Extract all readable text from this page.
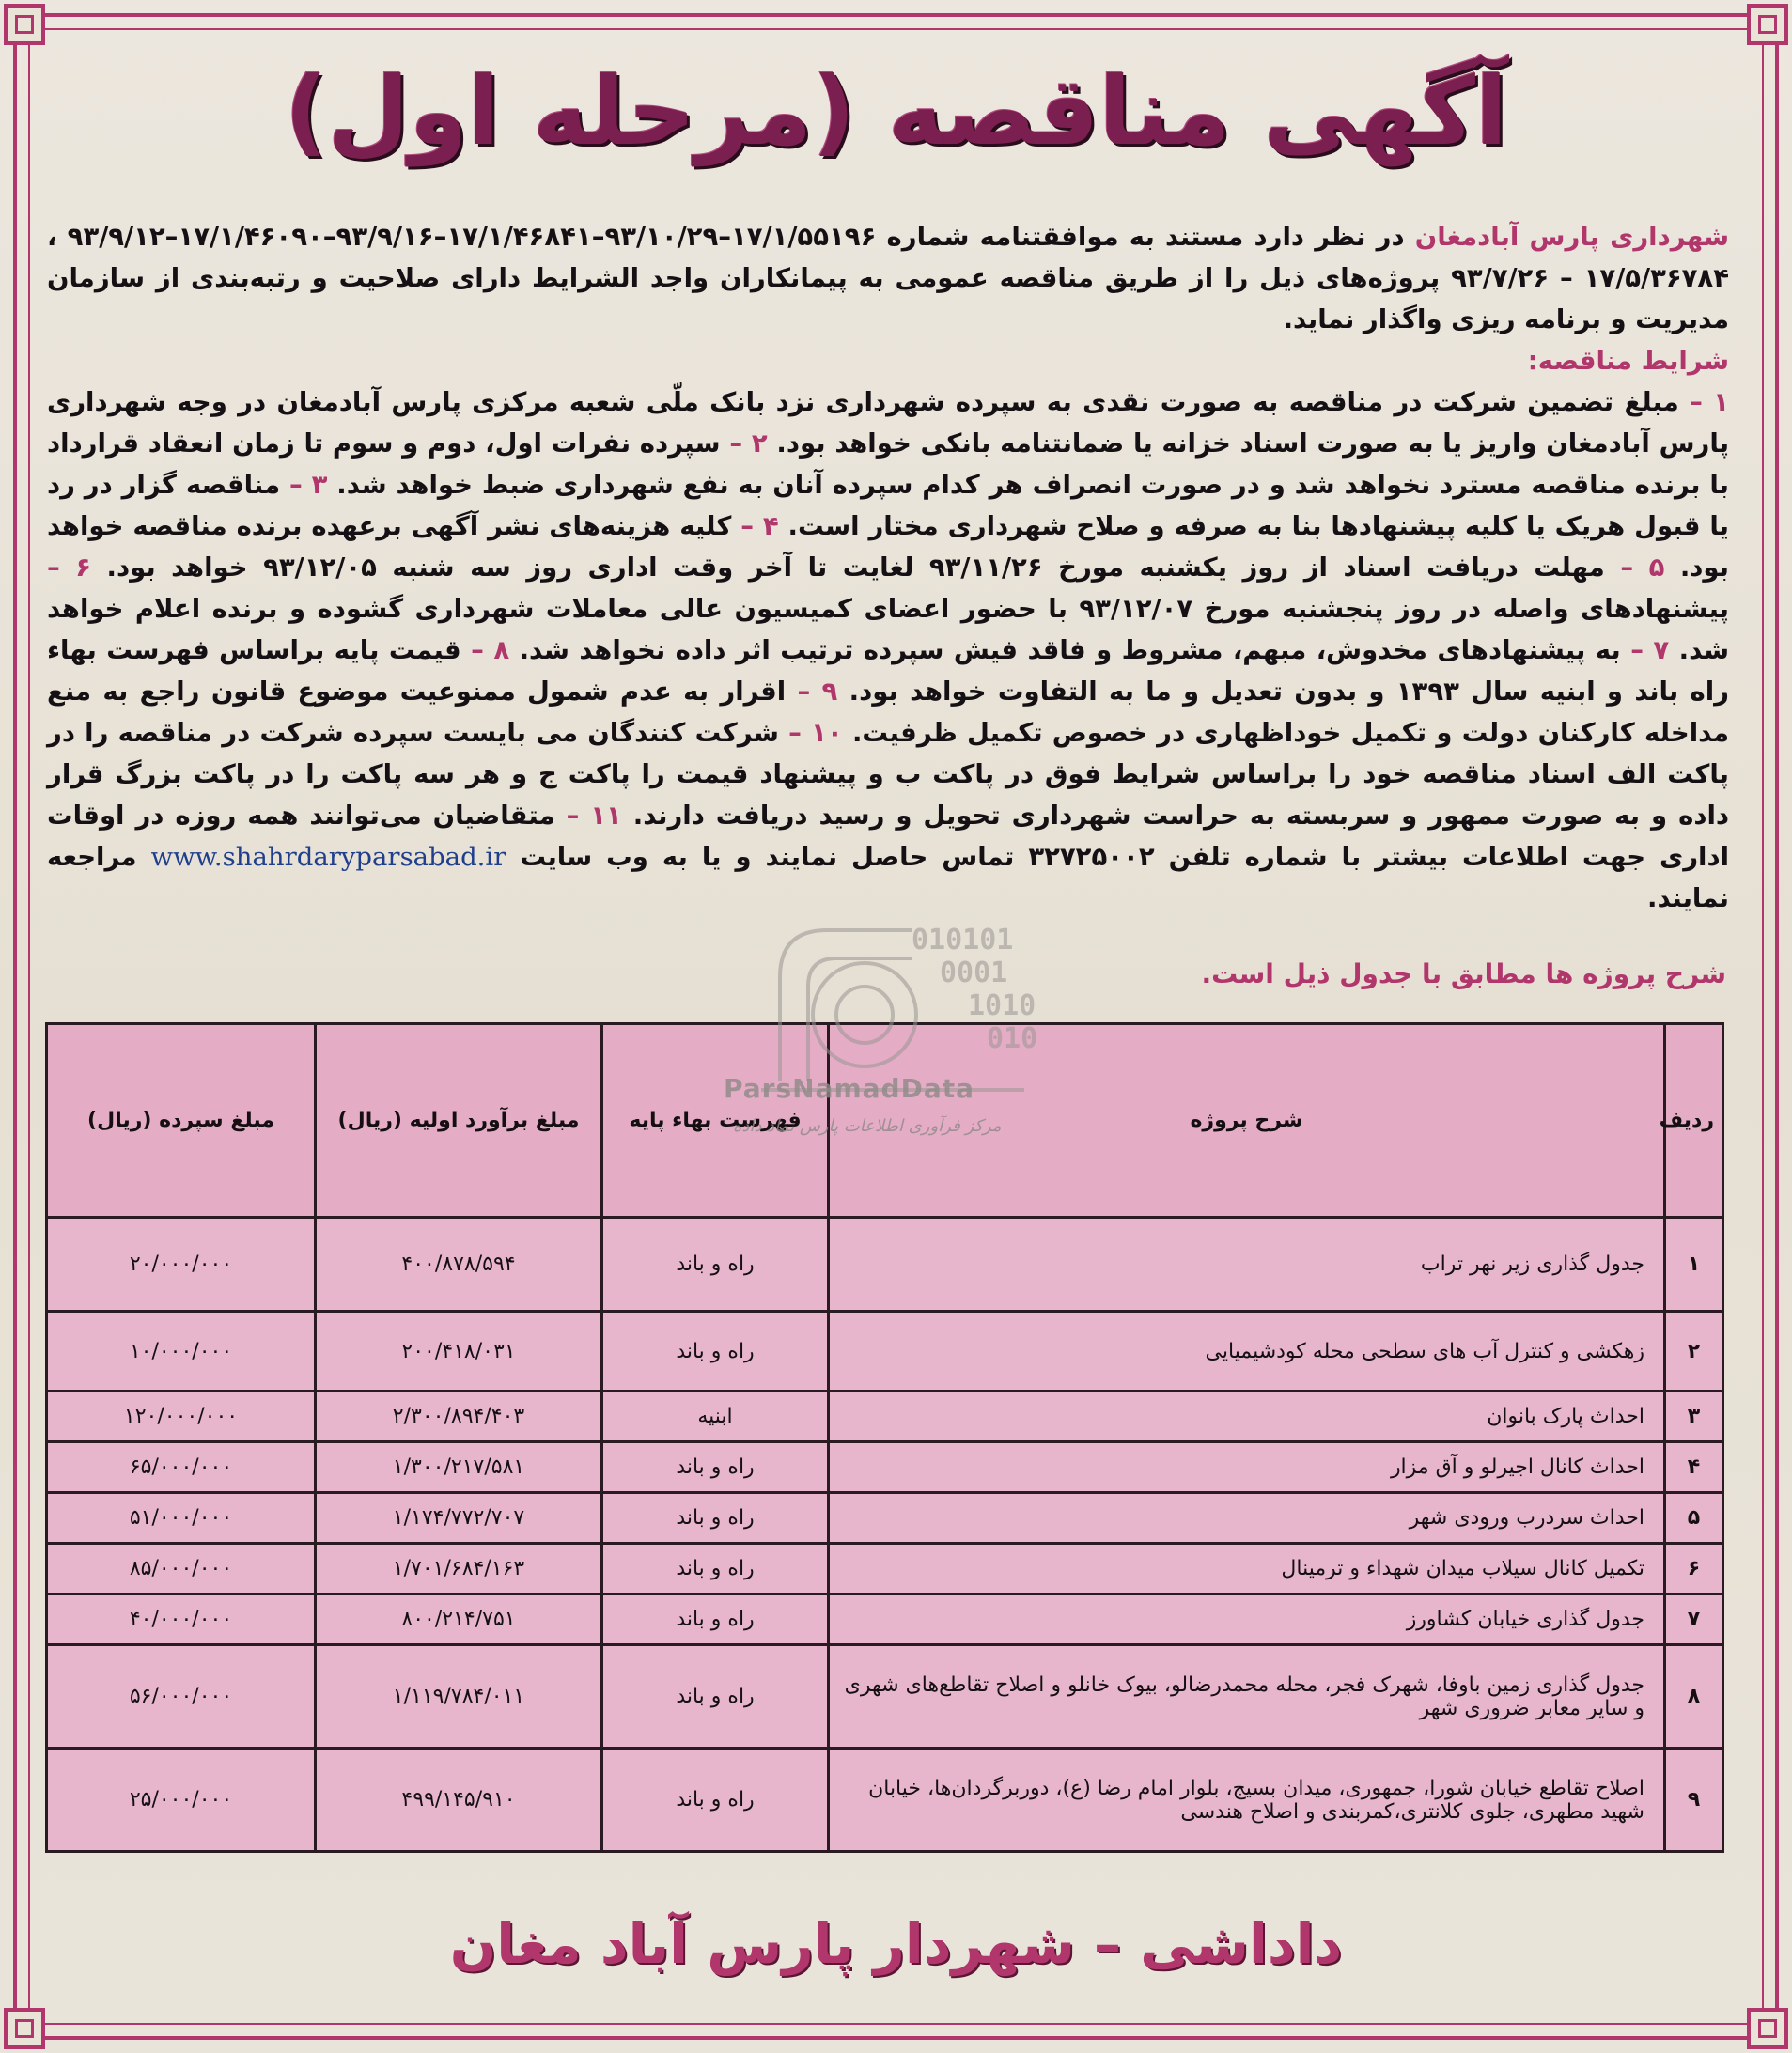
آگهی مناقصه (مرحله اول)

شهرداری پارس آبادمغان در نظر دارد مستند به موافقتنامه شماره ۱۷/۱/۵۵۱۹۶–۹۳/۱۰/۲۹–۱۷/۱/۴۶۸۴۱–۹۳/۹/۱۶–۱۷/۱/۴۶۰۹۰–۹۳/۹/۱۲ ، ۱۷/۵/۳۶۷۸۴ – ۹۳/۷/۲۶ پروژه‌های ذیل را از طریق مناقصه عمومی به پیمانکاران واجد الشرایط دارای صلاحیت و رتبه‌بندی از سازمان مدیریت و برنامه ریزی واگذار نماید.

شرایط مناقصه:

۱ – مبلغ تضمین شرکت در مناقصه به صورت نقدی به سپرده شهرداری نزد بانک ملّی شعبه مرکزی پارس آبادمغان در وجه شهرداری پارس آبادمغان واریز یا به صورت اسناد خزانه یا ضمانتنامه بانکی خواهد بود. ۲ – سپرده نفرات اول، دوم و سوم تا زمان انعقاد قرارداد با برنده مناقصه مسترد نخواهد شد و در صورت انصراف هر کدام سپرده آنان به نفع شهرداری ضبط خواهد شد. ۳ – مناقصه گزار در رد یا قبول هریک یا کلیه پیشنهادها بنا به صرفه و صلاح شهرداری مختار است. ۴ – کلیه هزینه‌های نشر آگهی برعهده برنده مناقصه خواهد بود. ۵ – مهلت دریافت اسناد از روز یکشنبه مورخ ۹۳/۱۱/۲۶ لغایت تا آخر وقت اداری روز سه شنبه ۹۳/۱۲/۰۵ خواهد بود. ۶ – پیشنهادهای واصله در روز پنجشنبه مورخ ۹۳/۱۲/۰۷ با حضور اعضای کمیسیون عالی معاملات شهرداری گشوده و برنده اعلام خواهد شد. ۷ – به پیشنهادهای مخدوش، مبهم، مشروط و فاقد فیش سپرده ترتیب اثر داده نخواهد شد. ۸ – قیمت پایه براساس فهرست بهاء راه باند و ابنیه سال ۱۳۹۳ و بدون تعدیل و ما به التفاوت خواهد بود. ۹ – اقرار به عدم شمول ممنوعیت موضوع قانون راجع به منع مداخله کارکنان دولت و تکمیل خوداظهاری در خصوص تکمیل ظرفیت. ۱۰ – شرکت کنندگان می بایست سپرده شرکت در مناقصه را در پاکت الف اسناد مناقصه خود را براساس شرایط فوق در پاکت ب و پیشنهاد قیمت را پاکت ج و هر سه پاکت را در پاکت بزرگ قرار داده و به صورت ممهور و سربسته به حراست شهرداری تحویل و رسید دریافت دارند. ۱۱ – متقاضیان می‌توانند همه روزه در اوقات اداری جهت اطلاعات بیشتر با شماره تلفن ۳۲۷۲۵۰۰۲ تماس حاصل نمایند و یا به وب سایت www.shahrdaryparsabad.ir مراجعه نمایند.

شرح پروژه ها مطابق با جدول ذیل است.
ردیف	شرح پروژه	فهرست بهاء پایه	مبلغ برآورد اولیه (ریال)	مبلغ سپرده (ریال)
۱	جدول گذاری زیر نهر تراب	راه و باند	۴۰۰/۸۷۸/۵۹۴	۲۰/۰۰۰/۰۰۰
۲	زهکشی و کنترل آب های سطحی محله کودشیمیایی	راه و باند	۲۰۰/۴۱۸/۰۳۱	۱۰/۰۰۰/۰۰۰
۳	احداث پارک بانوان	ابنیه	۲/۳۰۰/۸۹۴/۴۰۳	۱۲۰/۰۰۰/۰۰۰
۴	احداث کانال اجیرلو و آق مزار	راه و باند	۱/۳۰۰/۲۱۷/۵۸۱	۶۵/۰۰۰/۰۰۰
۵	احداث سردرب ورودی شهر	راه و باند	۱/۱۷۴/۷۷۲/۷۰۷	۵۱/۰۰۰/۰۰۰
۶	تکمیل کانال سیلاب میدان شهداء و ترمینال	راه و باند	۱/۷۰۱/۶۸۴/۱۶۳	۸۵/۰۰۰/۰۰۰
۷	جدول گذاری خیابان کشاورز	راه و باند	۸۰۰/۲۱۴/۷۵۱	۴۰/۰۰۰/۰۰۰
۸	جدول گذاری زمین باوفا، شهرک فجر، محله محمدرضالو، بیوک خانلو و اصلاح تقاطع‌های شهری و سایر معابر ضروری شهر	راه و باند	۱/۱۱۹/۷۸۴/۰۱۱	۵۶/۰۰۰/۰۰۰
۹	اصلاح تقاطع خیابان شورا، جمهوری، میدان بسیج، بلوار امام رضا (ع)، دوربرگردان‌ها، خیابان شهید مطهری، جلوی کلانتری،کمربندی و اصلاح هندسی	راه و باند	۴۹۹/۱۴۵/۹۱۰	۲۵/۰۰۰/۰۰۰
010101
0001
1010
010
ParsNamadData
مرکز فرآوری اطلاعات پارس نماد داده
داداشی – شهردار پارس آباد مغان
